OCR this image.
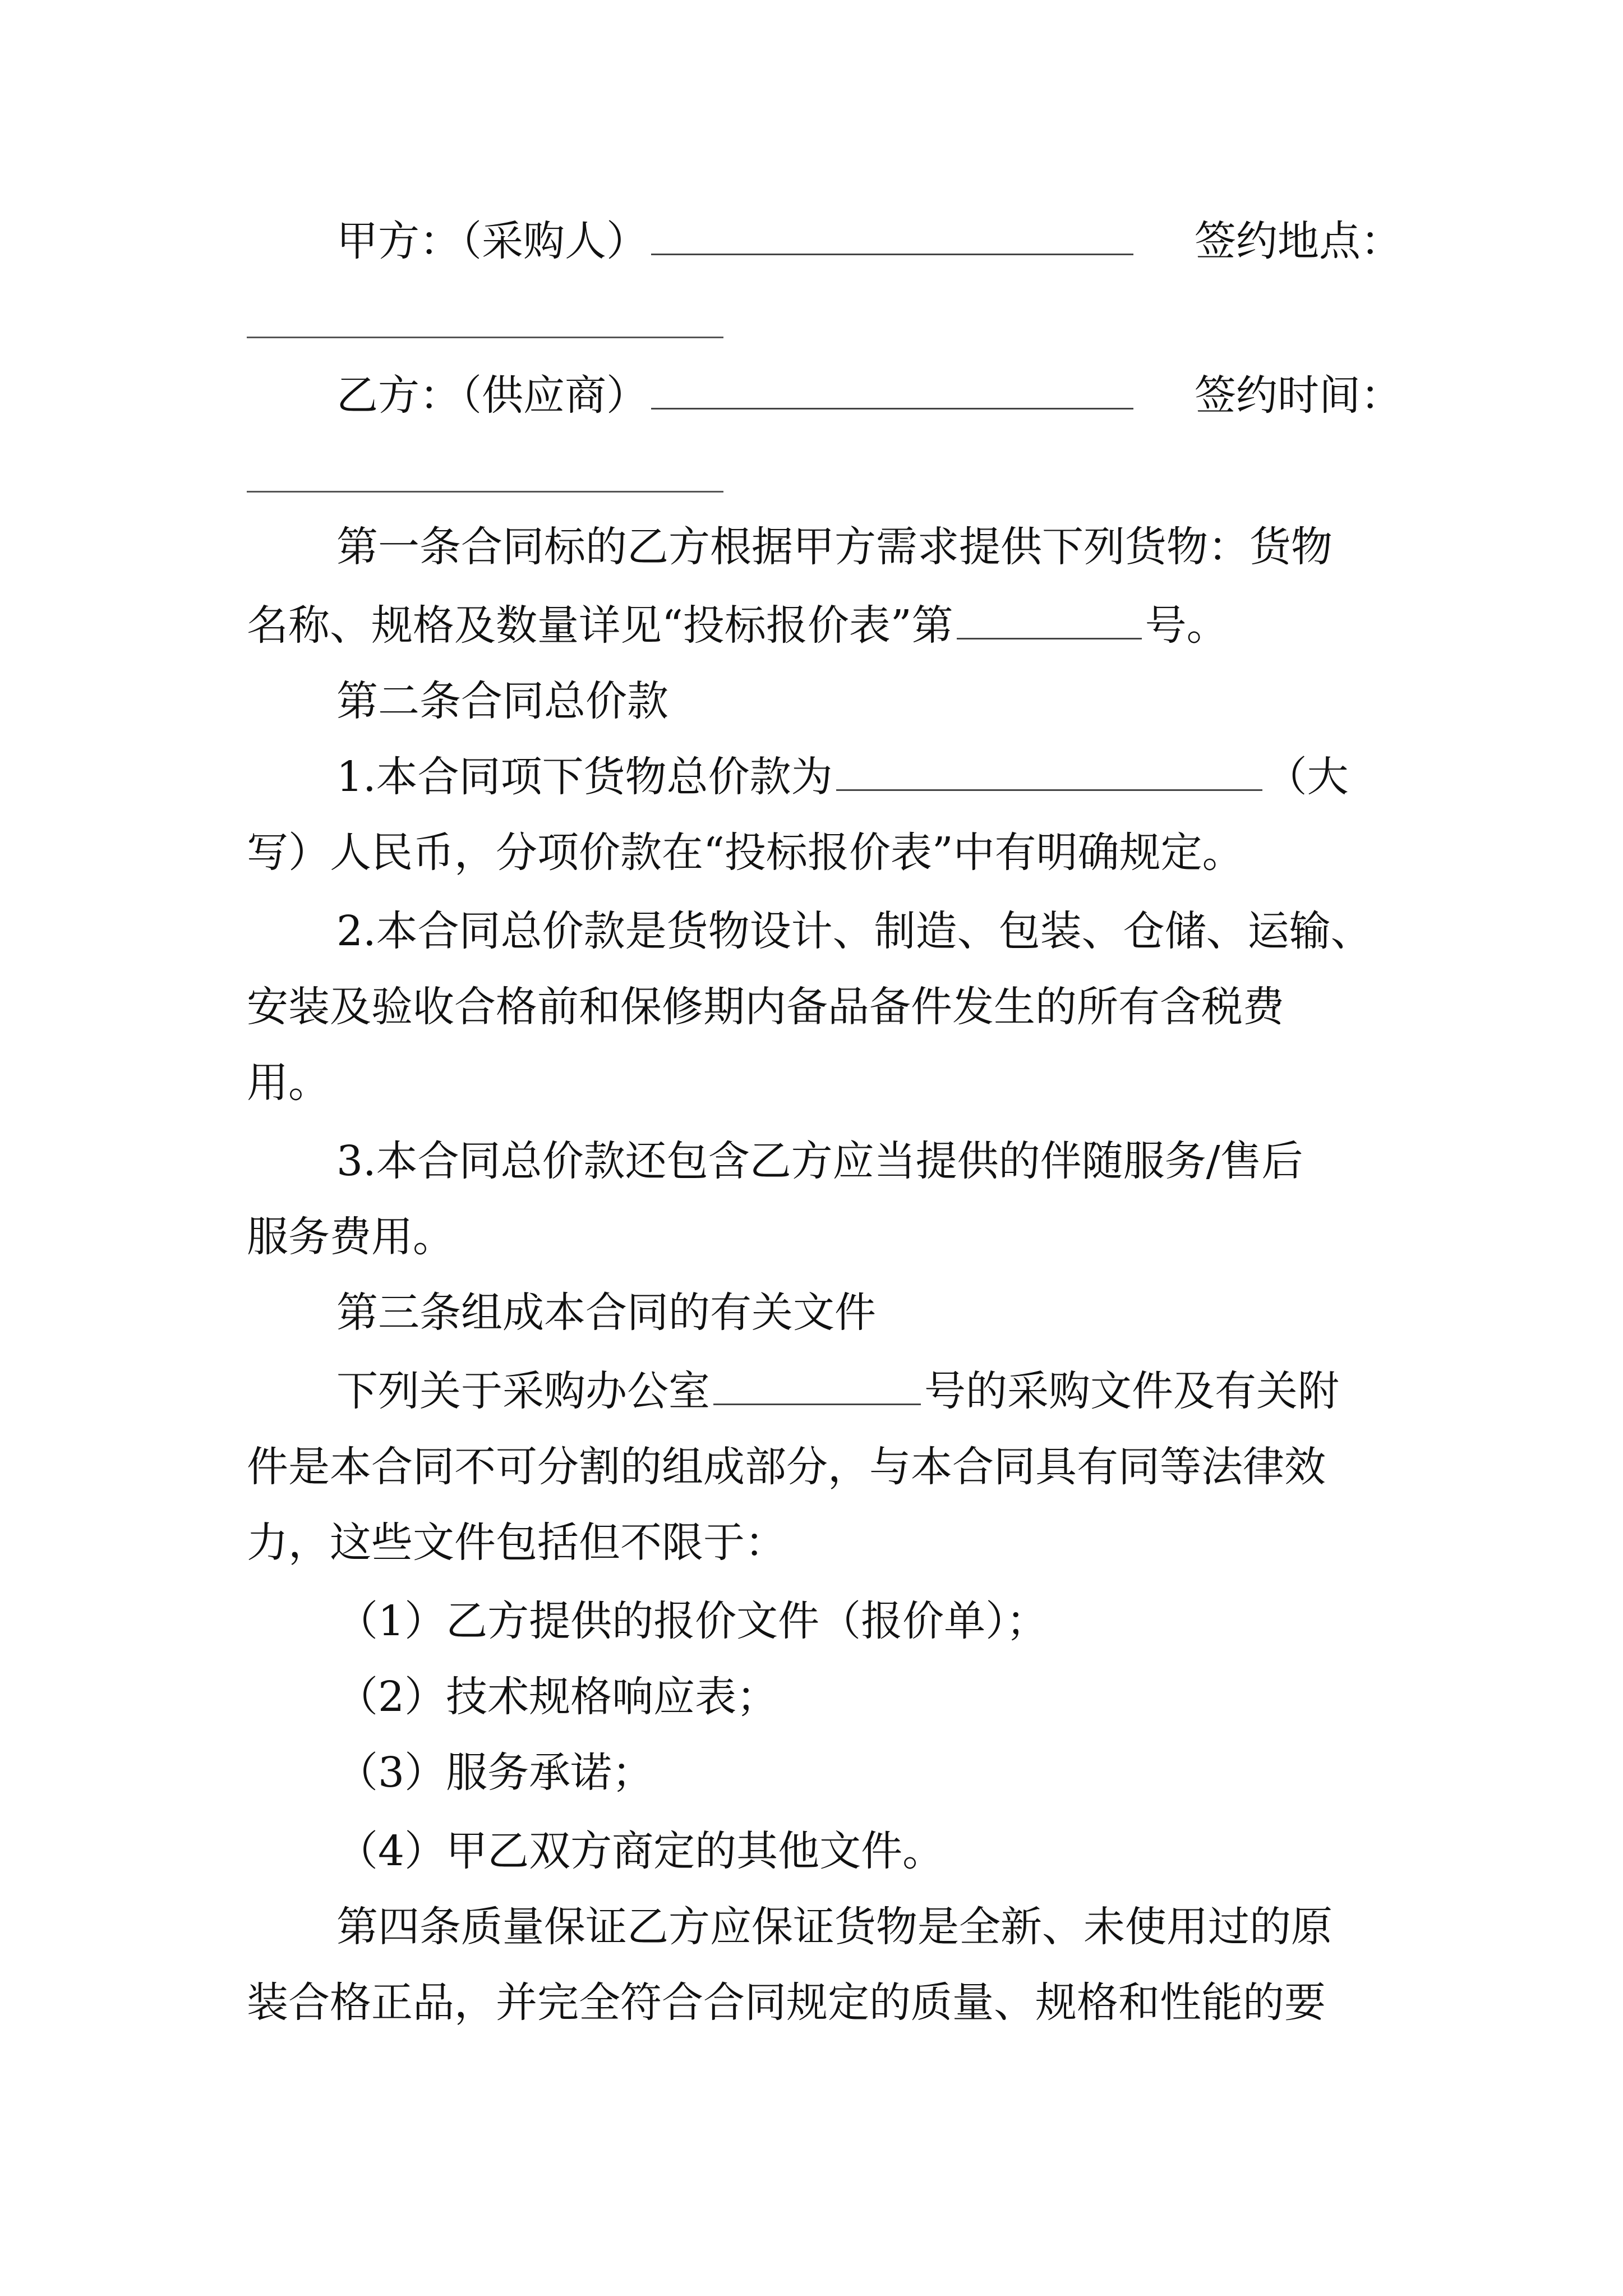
甲方：（采购人）	签约地点：
乙方：（供应商）	签约时间：
第一条合同标的乙方根据甲方需求提供下列货物：货物
名称、规格及数量详见“投标报价表”第	号。
第二条合同总价款
1.本合同项下货物总价款为	（大
写）人民币，分项价款在“投标报价表”中有明确规定。
2.本合同总价款是货物设计、制造、包装、仓储、运输、
安装及验收合格前和保修期内备品备件发生的所有含税费
用。
3.本合同总价款还包含乙方应当提供的伴随服务/售后
服务费用。
第三条组成本合同的有关文件
下列关于采购办公室	号的采购文件及有关附
件是本合同不可分割的组成部分，与本合同具有同等法律效
力，这些文件包括但不限于：
（1）乙方提供的报价文件（报价单）；
（2）技术规格响应表；
（3）服务承诺；
（4）甲乙双方商定的其他文件。
第四条质量保证乙方应保证货物是全新、未使用过的原
装合格正品，并完全符合合同规定的质量、规格和性能的要
